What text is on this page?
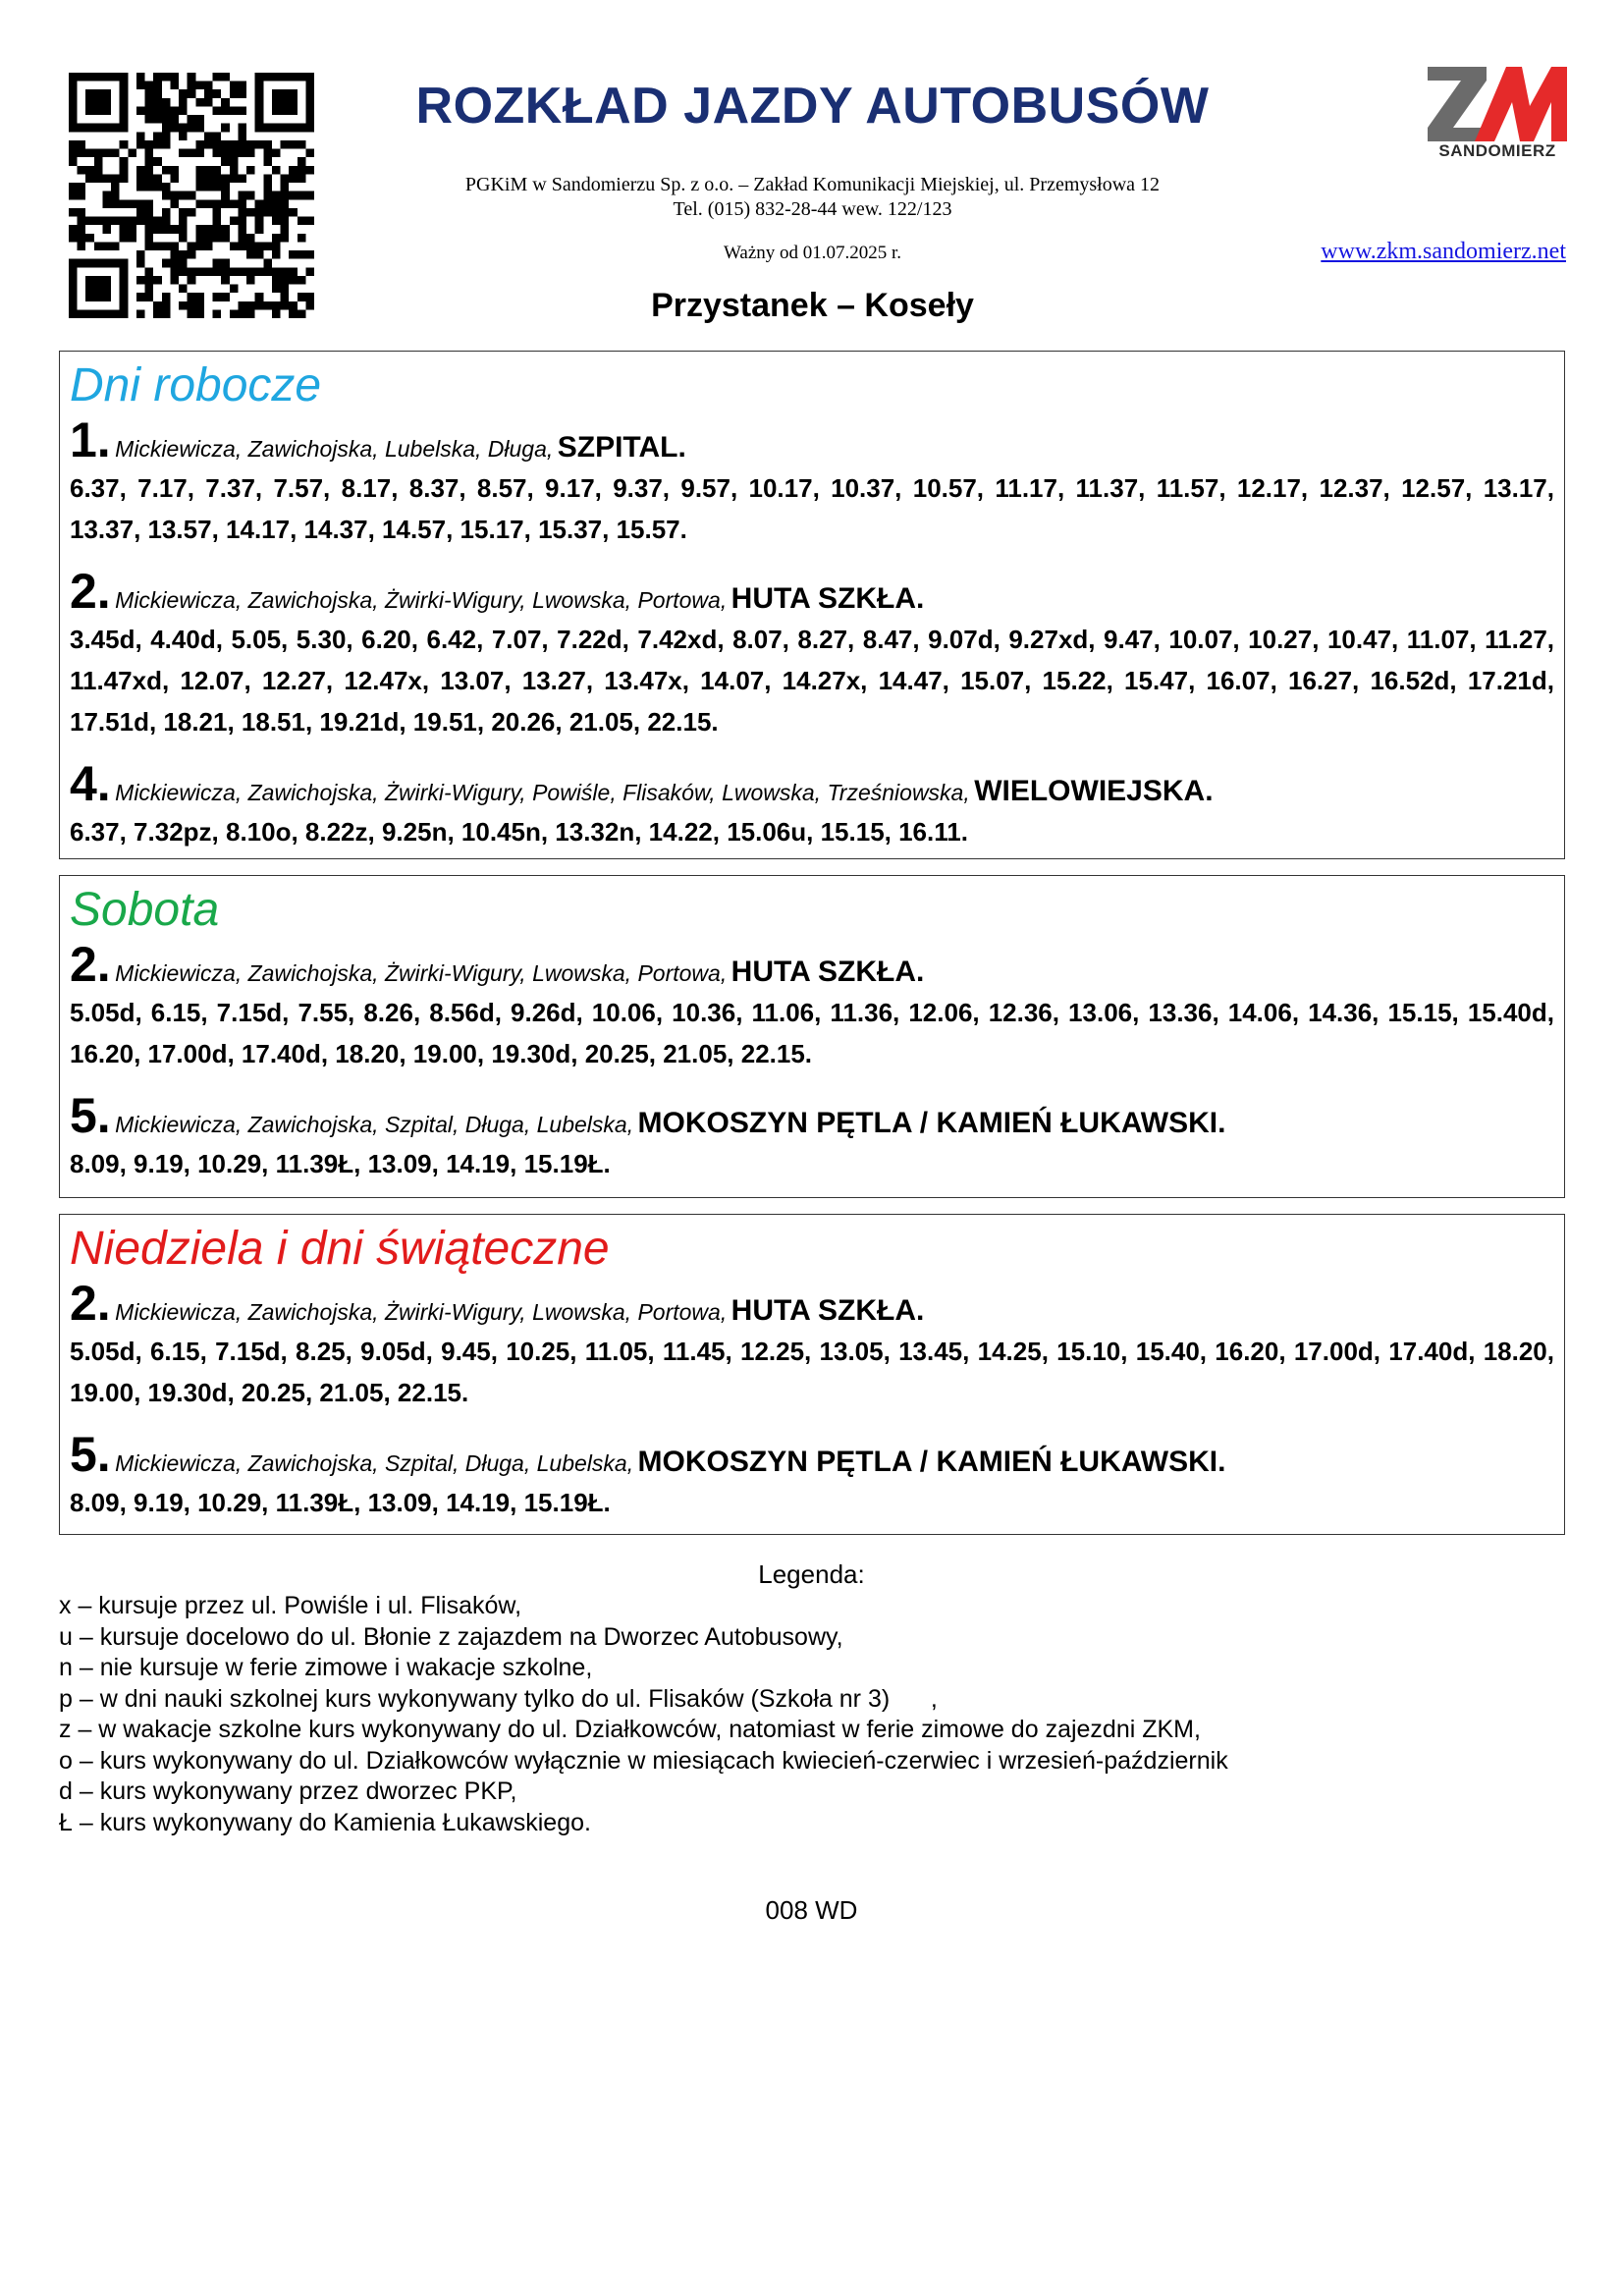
SANDOMIERZ
ROZKŁAD JAZDY AUTOBUSÓW
PGKiM w Sandomierzu Sp. z o.o. – Zakład Komunikacji Miejskiej, ul. Przemysłowa 12
Tel. (015) 832-28-44 wew. 122/123
Ważny od 01.07.2025 r.	www.zkm.sandomierz.net
Przystanek – Koseły
Dni robocze
1. Mickiewicza, Zawichojska, Lubelska, Długa, SZPITAL.
6.37, 7.17, 7.37, 7.57, 8.17, 8.37, 8.57, 9.17, 9.37, 9.57, 10.17, 10.37, 10.57, 11.17, 11.37, 11.57, 12.17, 12.37, 12.57, 13.17, 13.37, 13.57, 14.17, 14.37, 14.57, 15.17, 15.37, 15.57.
2. Mickiewicza, Zawichojska, Żwirki-Wigury, Lwowska, Portowa, HUTA SZKŁA.
3.45d, 4.40d, 5.05, 5.30, 6.20, 6.42, 7.07, 7.22d, 7.42xd, 8.07, 8.27, 8.47, 9.07d, 9.27xd, 9.47, 10.07, 10.27, 10.47, 11.07, 11.27, 11.47xd, 12.07, 12.27, 12.47x, 13.07, 13.27, 13.47x, 14.07, 14.27x, 14.47, 15.07, 15.22, 15.47, 16.07, 16.27, 16.52d, 17.21d, 17.51d, 18.21, 18.51, 19.21d, 19.51, 20.26, 21.05, 22.15.
4. Mickiewicza, Zawichojska, Żwirki-Wigury, Powiśle, Flisaków, Lwowska, Trześniowska, WIELOWIEJSKA.
6.37, 7.32pz, 8.10o, 8.22z, 9.25n, 10.45n, 13.32n, 14.22, 15.06u, 15.15, 16.11.
Sobota
2. Mickiewicza, Zawichojska, Żwirki-Wigury, Lwowska, Portowa, HUTA SZKŁA.
5.05d, 6.15, 7.15d, 7.55, 8.26, 8.56d, 9.26d, 10.06, 10.36, 11.06, 11.36, 12.06, 12.36, 13.06, 13.36, 14.06, 14.36, 15.15, 15.40d, 16.20, 17.00d, 17.40d, 18.20, 19.00, 19.30d, 20.25, 21.05, 22.15.
5. Mickiewicza, Zawichojska, Szpital, Długa, Lubelska, MOKOSZYN PĘTLA / KAMIEŃ ŁUKAWSKI.
8.09, 9.19, 10.29, 11.39Ł, 13.09, 14.19, 15.19Ł.
Niedziela i dni świąteczne
2. Mickiewicza, Zawichojska, Żwirki-Wigury, Lwowska, Portowa, HUTA SZKŁA.
5.05d, 6.15, 7.15d, 8.25, 9.05d, 9.45, 10.25, 11.05, 11.45, 12.25, 13.05, 13.45, 14.25, 15.10, 15.40, 16.20, 17.00d, 17.40d, 18.20, 19.00, 19.30d, 20.25, 21.05, 22.15.
5. Mickiewicza, Zawichojska, Szpital, Długa, Lubelska, MOKOSZYN PĘTLA / KAMIEŃ ŁUKAWSKI.
8.09, 9.19, 10.29, 11.39Ł, 13.09, 14.19, 15.19Ł.
Legenda:
x – kursuje przez ul. Powiśle i ul. Flisaków,
u – kursuje docelowo do ul. Błonie z zajazdem na Dworzec Autobusowy,
n – nie kursuje w ferie zimowe i wakacje szkolne,
p – w dni nauki szkolnej kurs wykonywany tylko do ul. Flisaków (Szkoła nr 3)      ,
z – w wakacje szkolne kurs wykonywany do ul. Działkowców, natomiast w ferie zimowe do zajezdni ZKM,
o – kurs wykonywany do ul. Działkowców wyłącznie w miesiącach kwiecień-czerwiec i wrzesień-październik
d – kurs wykonywany przez dworzec PKP,
Ł – kurs wykonywany do Kamienia Łukawskiego.
008 WD
